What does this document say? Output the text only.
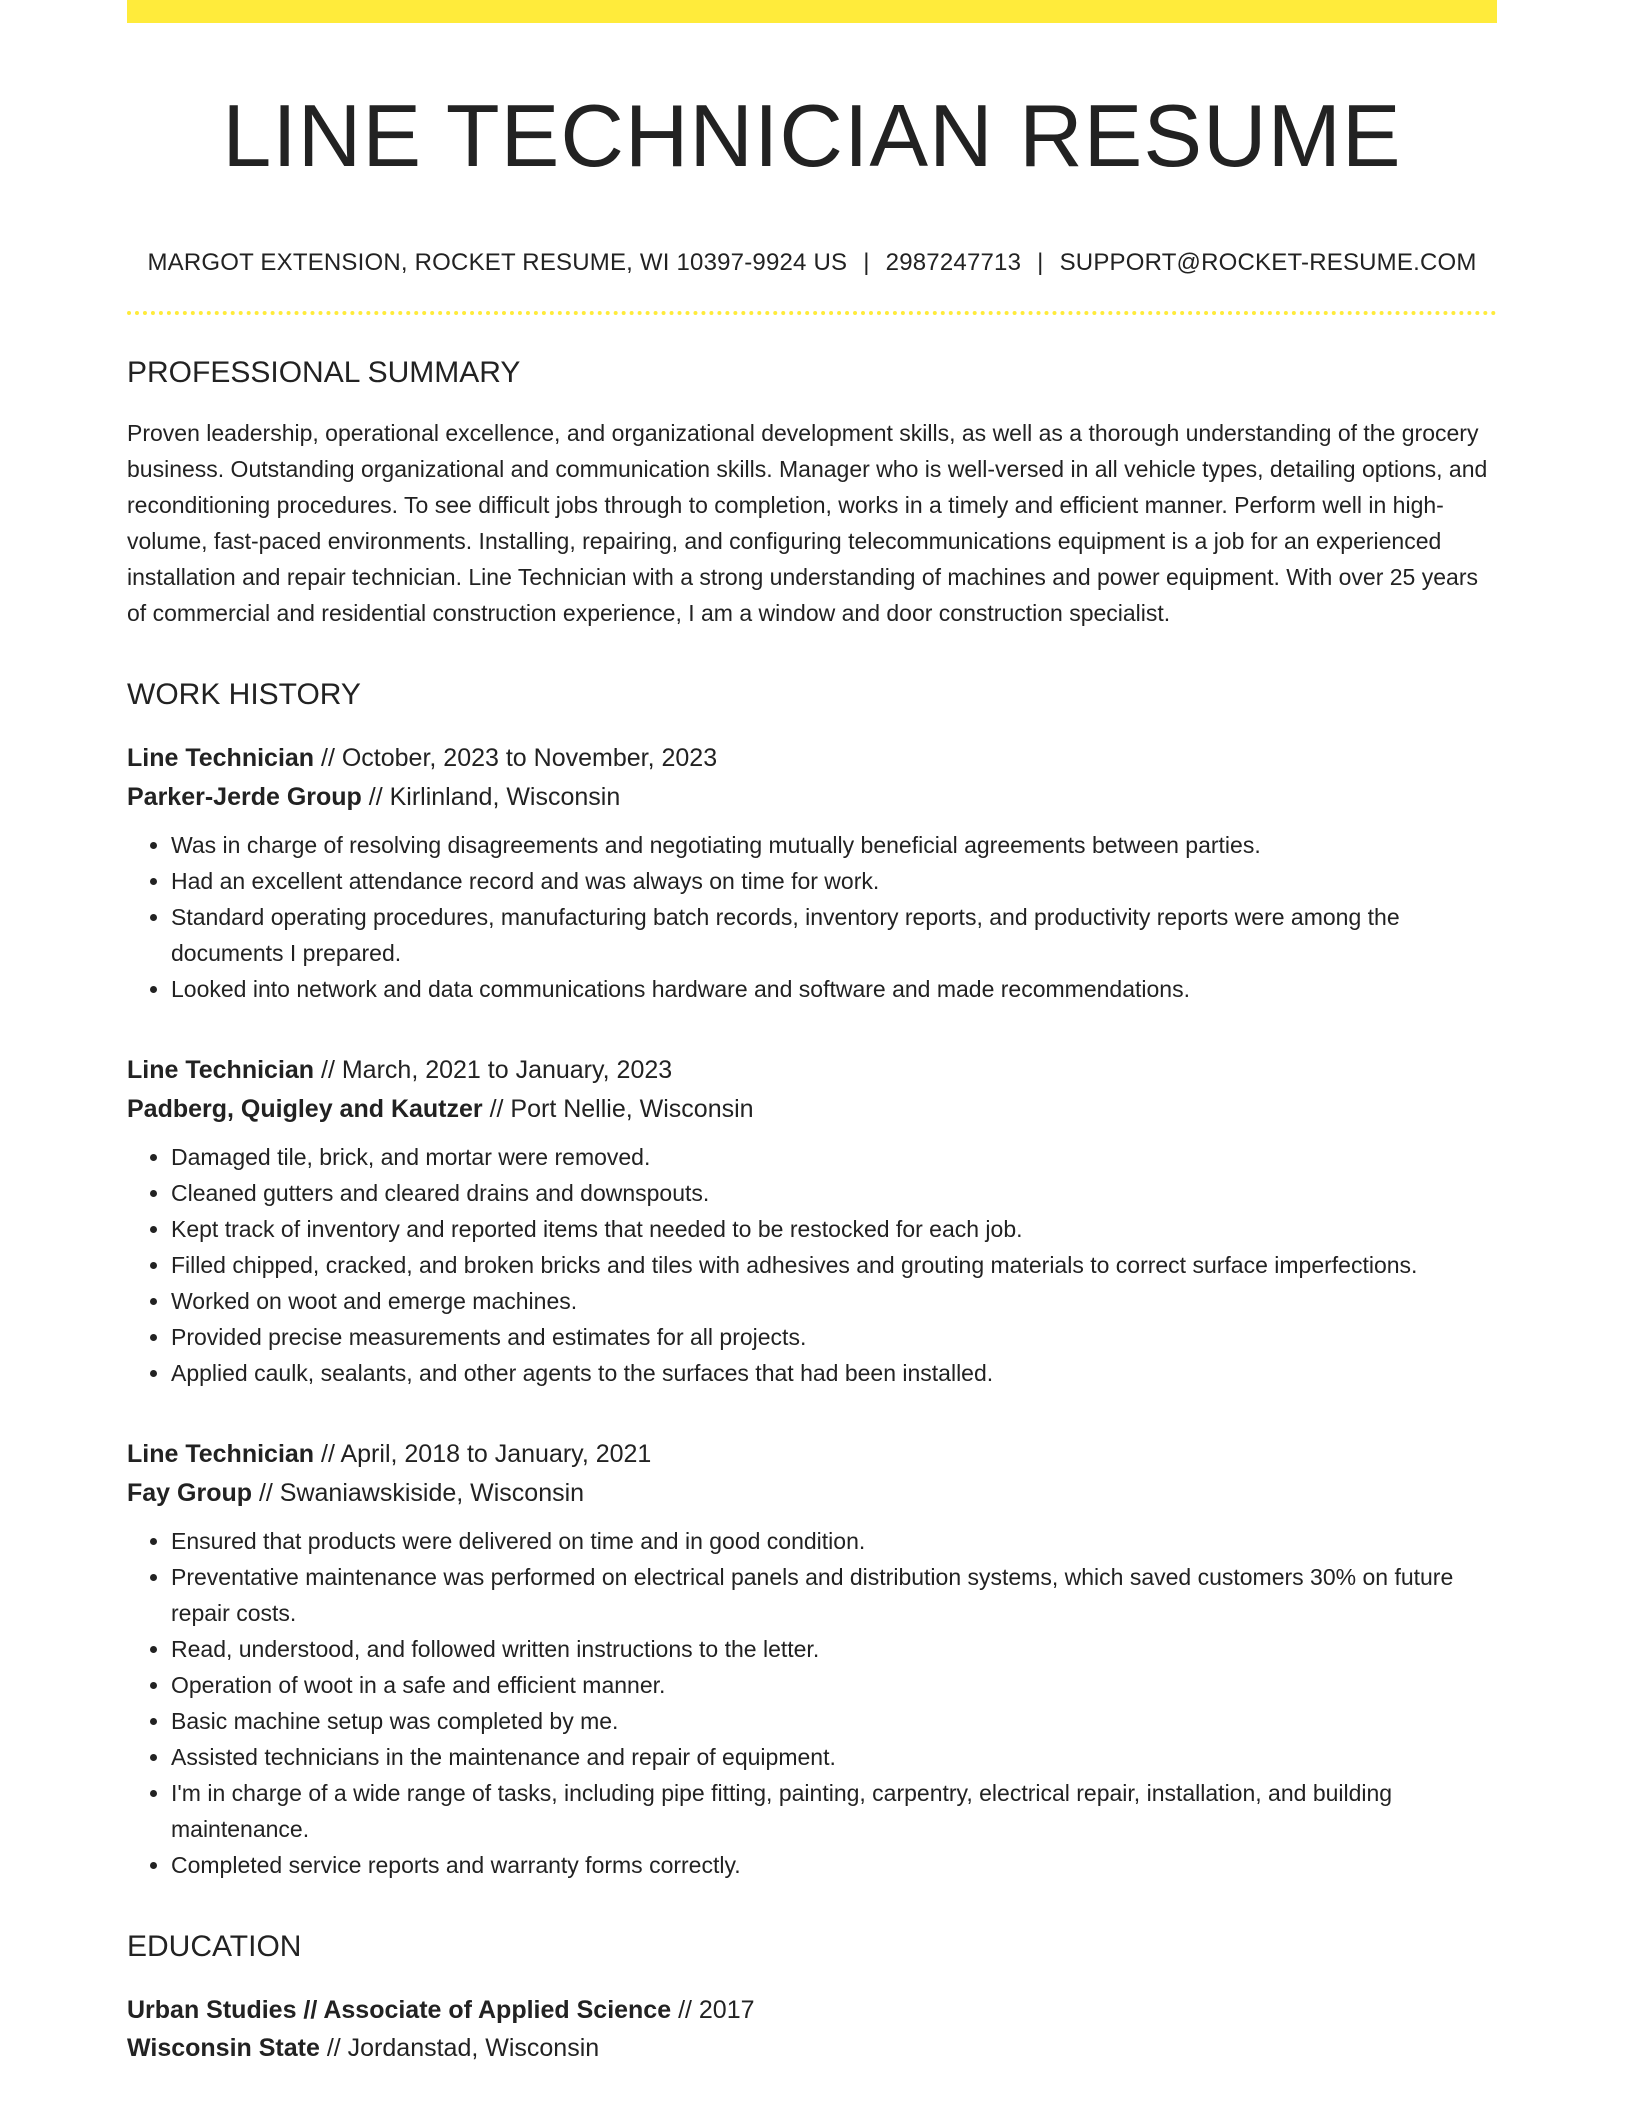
LINE TECHNICIAN RESUME
MARGOT EXTENSION, ROCKET RESUME, WI 10397-9924 US | 2987247713 | SUPPORT@ROCKET-RESUME.COM
PROFESSIONAL SUMMARY

Proven leadership, operational excellence, and organizational development skills, as well as a thorough understanding of the grocery business. Outstanding organizational and communication skills. Manager who is well-versed in all vehicle types, detailing options, and reconditioning procedures. To see difficult jobs through to completion, works in a timely and efficient manner. Perform well in high-volume, fast-paced environments. Installing, repairing, and configuring telecommunications equipment is a job for an experienced installation and repair technician. Line Technician with a strong understanding of machines and power equipment. With over 25 years of commercial and residential construction experience, I am a window and door construction specialist.

WORK HISTORY
Line Technician // October, 2023 to November, 2023
Parker-Jerde Group // Kirlinland, Wisconsin
• Was in charge of resolving disagreements and negotiating mutually beneficial agreements between parties.
• Had an excellent attendance record and was always on time for work.
• Standard operating procedures, manufacturing batch records, inventory reports, and productivity reports were among the documents I prepared.
• Looked into network and data communications hardware and software and made recommendations.
Line Technician // March, 2021 to January, 2023
Padberg, Quigley and Kautzer // Port Nellie, Wisconsin
• Damaged tile, brick, and mortar were removed.
• Cleaned gutters and cleared drains and downspouts.
• Kept track of inventory and reported items that needed to be restocked for each job.
• Filled chipped, cracked, and broken bricks and tiles with adhesives and grouting materials to correct surface imperfections.
• Worked on woot and emerge machines.
• Provided precise measurements and estimates for all projects.
• Applied caulk, sealants, and other agents to the surfaces that had been installed.
Line Technician // April, 2018 to January, 2021
Fay Group // Swaniawskiside, Wisconsin
• Ensured that products were delivered on time and in good condition.
• Preventative maintenance was performed on electrical panels and distribution systems, which saved customers 30% on future repair costs.
• Read, understood, and followed written instructions to the letter.
• Operation of woot in a safe and efficient manner.
• Basic machine setup was completed by me.
• Assisted technicians in the maintenance and repair of equipment.
• I'm in charge of a wide range of tasks, including pipe fitting, painting, carpentry, electrical repair, installation, and building maintenance.
• Completed service reports and warranty forms correctly.
EDUCATION
Urban Studies // Associate of Applied Science // 2017
Wisconsin State // Jordanstad, Wisconsin
